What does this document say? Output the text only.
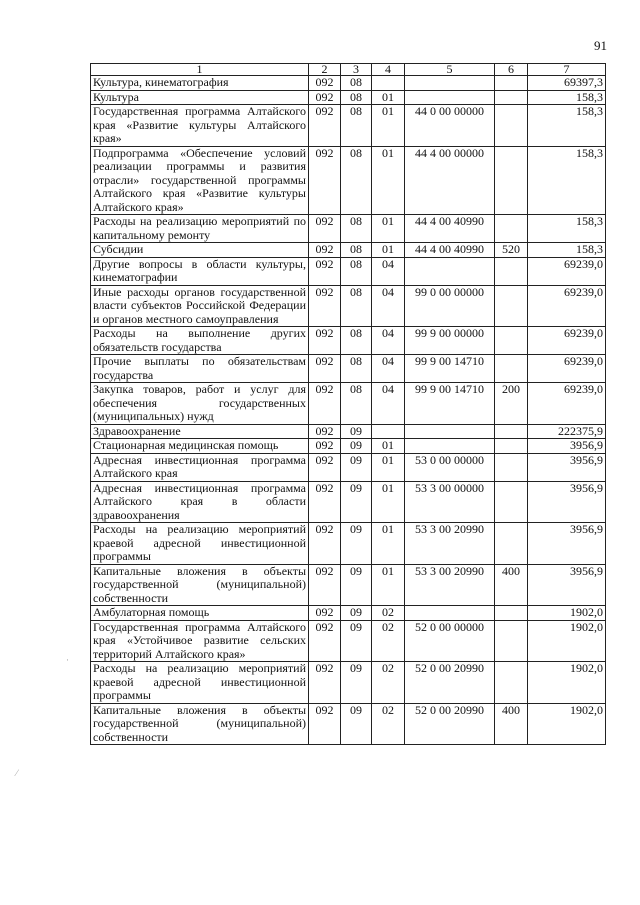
91
1	2	3	4	5	6	7
Культура, кинематография	092	08				69397,3
Культура	092	08	01			158,3
Государственная программа Алтайского края «Развитие культуры Алтайского края»	092	08	01	44 0 00 00000		158,3
Подпрограмма «Обеспечение условий реализации программы и развития отрасли» государственной программы Алтайского края «Развитие культуры Алтайского края»	092	08	01	44 4 00 00000		158,3
Расходы на реализацию мероприятий по капитальному ремонту	092	08	01	44 4 00 40990		158,3
Субсидии	092	08	01	44 4 00 40990	520	158,3
Другие вопросы в области культуры, кинематографии	092	08	04			69239,0
Иные расходы органов государственной власти субъектов Российской Федерации и органов местного самоуправления	092	08	04	99 0 00 00000		69239,0
Расходы на выполнение других обязательств государства	092	08	04	99 9 00 00000		69239,0
Прочие выплаты по обязательствам государства	092	08	04	99 9 00 14710		69239,0
Закупка товаров, работ и услуг для обеспечения государственных (муниципальных) нужд	092	08	04	99 9 00 14710	200	69239,0
Здравоохранение	092	09				222375,9
Стационарная медицинская помощь	092	09	01			3956,9
Адресная инвестиционная программа Алтайского края	092	09	01	53 0 00 00000		3956,9
Адресная инвестиционная программа Алтайского края в области здравоохранения	092	09	01	53 3 00 00000		3956,9
Расходы на реализацию мероприятий краевой адресной инвестиционной программы	092	09	01	53 3 00 20990		3956,9
Капитальные вложения в объекты государственной (муниципальной) собственности	092	09	01	53 3 00 20990	400	3956,9
Амбулаторная помощь	092	09	02			1902,0
Государственная программа Алтайского края «Устойчивое развитие сельских территорий Алтайского края»	092	09	02	52 0 00 00000		1902,0
Расходы на реализацию мероприятий краевой адресной инвестиционной программы	092	09	02	52 0 00 20990		1902,0
Капитальные вложения в объекты государственной (муниципальной) собственности	092	09	02	52 0 00 20990	400	1902,0
·
⁄
